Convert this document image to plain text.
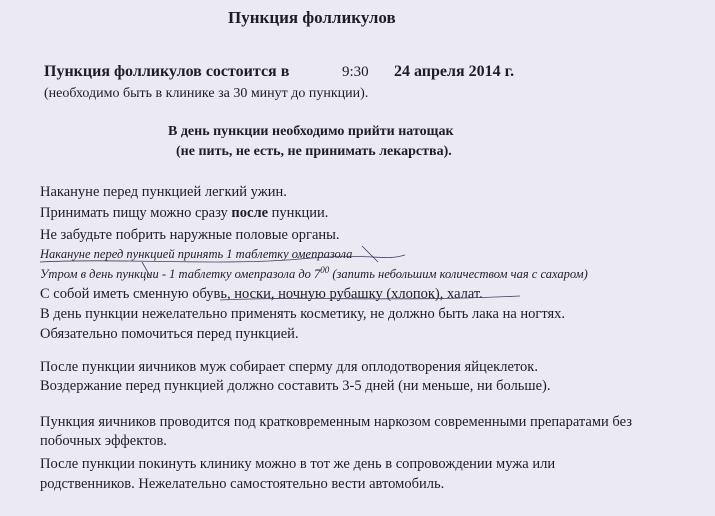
Пункция фолликулов
Пункция фолликулов состоится в	9:30 24 апреля 2014 г.
(необходимо быть в клинике за 30 минут до пункции).
В день пункции необходимо прийти натощак
(не пить, не есть, не принимать лекарства).
Накануне перед пункцией легкий ужин.
Принимать пищу можно сразу после пункции.
Не забудьте побрить наружные половые органы.
Накануне перед пункцией принять 1 таблетку омепразола
Утром в день пункции - 1 таблетку омепразола до $7^{00}$ (запить небольшим количеством чая с сахаром)
С собой иметь сменную обувь, носки, ночную рубашку (хлопок), халат.
В день пункции нежелательно применять косметику, не должно быть лака на ногтях.
Обязательно помочиться перед пункцией.
После пункции яичников муж собирает сперму для оплодотворения яйцеклеток.
Воздержание перед пункцией должно составить 3-5 дней (ни меньше, ни больше).
Пункция яичников проводится под кратковременным наркозом современными препаратами без
побочных эффектов.
После пункции покинуть клинику можно в тот же день в сопровождении мужа или
родственников. Нежелательно самостоятельно вести автомобиль.
